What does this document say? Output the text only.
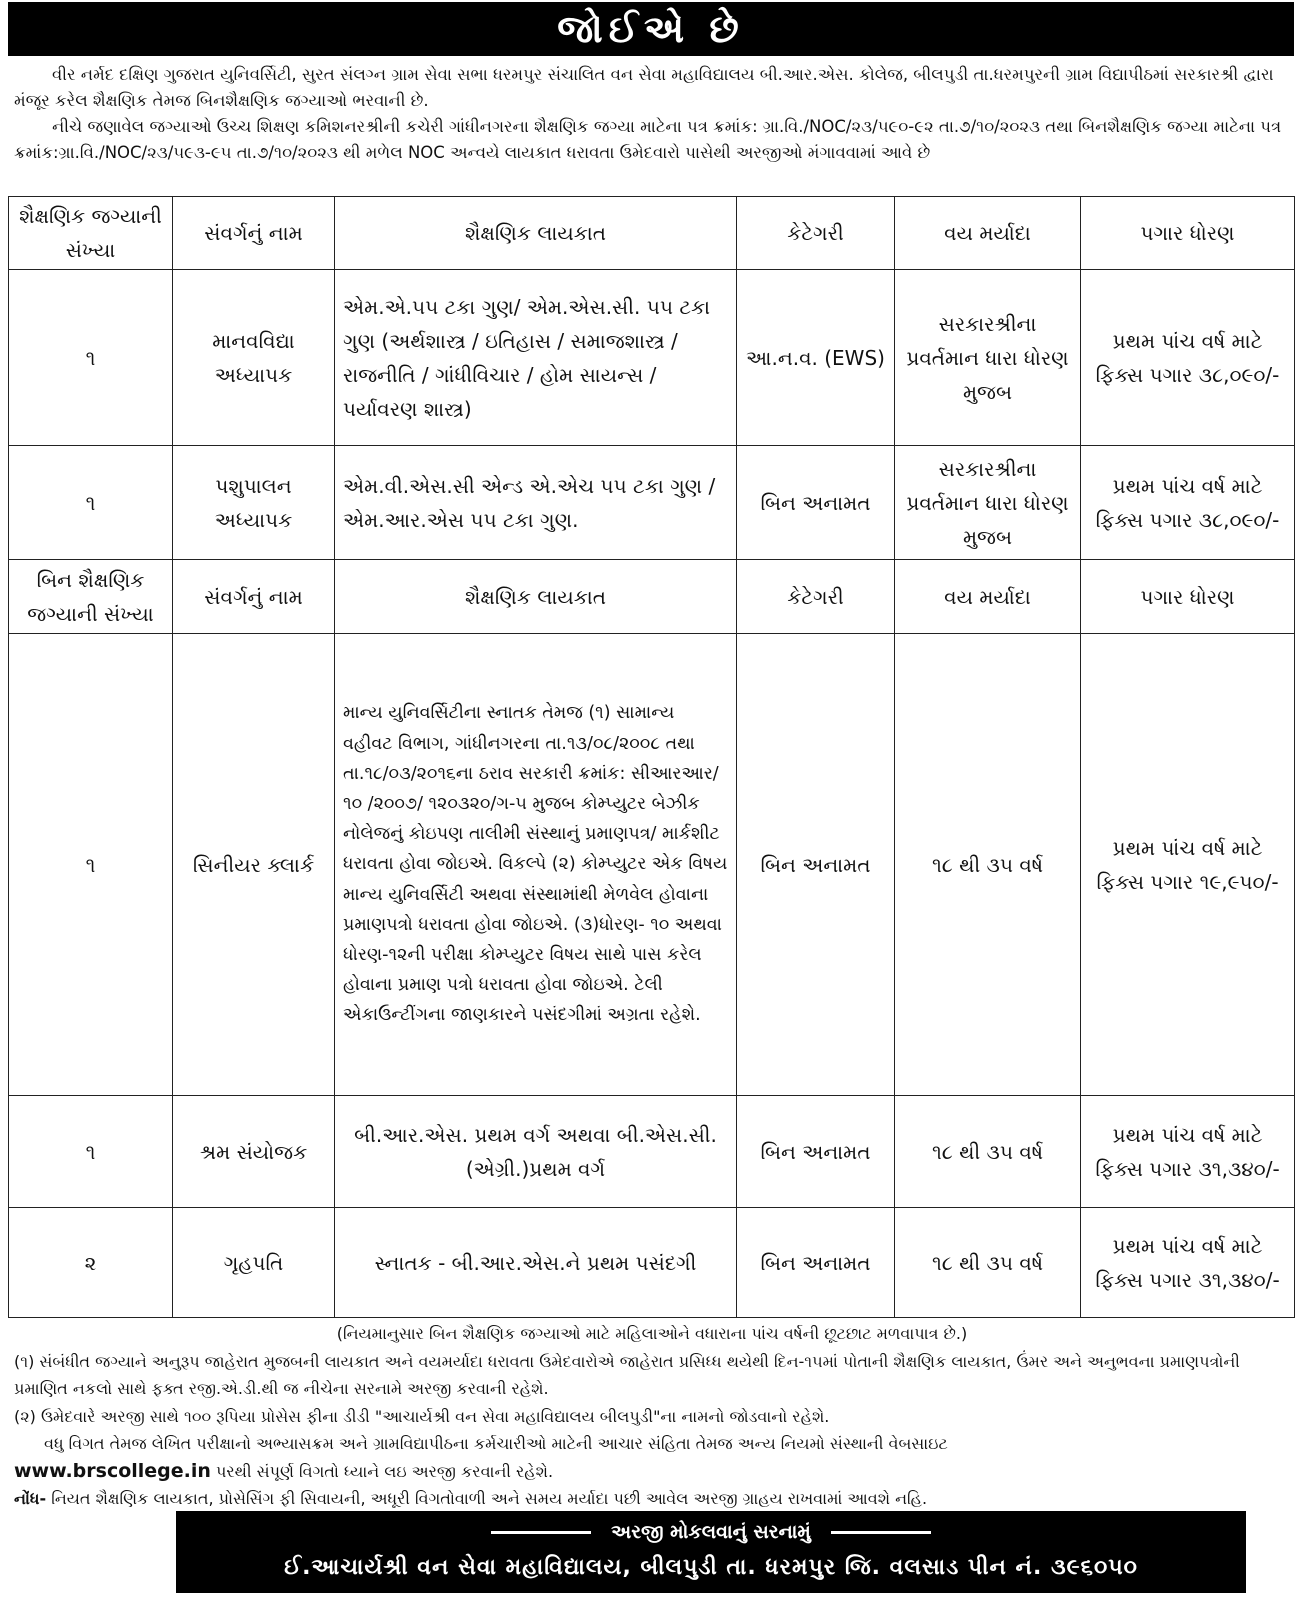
જોઈએ છે

વીર નર્મદ દક્ષિણ ગુજરાત યુનિવર્સિટી, સુરત સંલગ્ન ગ્રામ સેવા સભા ધરમપુર સંચાલિત વન સેવા મહાવિદ્યાલય બી.આર.એસ. કોલેજ, બીલપુડી તા.ધરમપુરની ગ્રામ વિદ્યાપીઠમાં સરકારશ્રી દ્વારા મંજૂર કરેલ શૈક્ષણિક તેમજ બિનશૈક્ષણિક જગ્યાઓ ભરવાની છે.

નીચે જણાવેલ જગ્યાઓ ઉચ્ચ શિક્ષણ કમિશનરશ્રીની કચેરી ગાંધીનગરના શૈક્ષણિક જગ્યા માટેના પત્ર ક્રમાંક: ગ્રા.વિ./NOC/૨૩/૫૯૦-૯૨ તા.૭/૧૦/૨૦૨૩ તથા બિનશૈક્ષણિક જગ્યા માટેના પત્ર ક્રમાંક:ગ્રા.વિ./NOC/૨૩/૫૯૩-૯૫ તા.૭/૧૦/૨૦૨૩ થી મળેલ NOC અન્વયે લાયકાત ધરાવતા ઉમેદવારો પાસેથી અરજીઓ મંગાવવામાં આવે છે

શૈક્ષણિક જગ્યાની સંખ્યા	સંવર્ગનું નામ	શૈક્ષણિક લાયકાત	કેટેગરી	વય મર્યાદા	પગાર ધોરણ
૧	માનવવિદ્યા અધ્યાપક	એમ.એ.૫૫ ટકા ગુણ/ એમ.એસ.સી. ૫૫ ટકા ગુણ (અર્થશાસ્ત્ર / ઇતિહાસ / સમાજશાસ્ત્ર / રાજનીતિ / ગાંધીવિચાર / હોમ સાયન્સ / પર્યાવરણ શાસ્ત્ર)	આ.ન.વ. (EWS)	સરકારશ્રીના પ્રવર્તમાન ધારા ધોરણ મુજબ	પ્રથમ પાંચ વર્ષ માટે ફિક્સ પગાર ૩૮,૦૯૦/-
૧	પશુપાલન અધ્યાપક	એમ.વી.એસ.સી એન્ડ એ.એચ ૫૫ ટકા ગુણ /એમ.આર.એસ ૫૫ ટકા ગુણ.	બિન અનામત	સરકારશ્રીના પ્રવર્તમાન ધારા ધોરણ મુજબ	પ્રથમ પાંચ વર્ષ માટે ફિક્સ પગાર ૩૮,૦૯૦/-
બિન શૈક્ષણિક જગ્યાની સંખ્યા	સંવર્ગનું નામ	શૈક્ષણિક લાયકાત	કેટેગરી	વય મર્યાદા	પગાર ધોરણ
૧	સિનીયર ક્લાર્ક	માન્ય યુનિવર્સિટીના સ્નાતક તેમજ (૧) સામાન્ય વહીવટ વિભાગ, ગાંધીનગરના તા.૧૩/૦૮/૨૦૦૮ તથા તા.૧૮/૦૩/૨૦૧૬ના ઠરાવ સરકારી ક્રમાંક: સીઆરઆર/૧૦ /૨૦૦૭/ ૧૨૦૩૨૦/ગ-૫ મુજબ કોમ્પ્યુટર બેઝીક નોલેજનું કોઇપણ તાલીમી સંસ્થાનું પ્રમાણપત્ર/ માર્કશીટ ધરાવતા હોવા જોઇએ. વિકલ્પે (૨) કોમ્પ્યુટર એક વિષય માન્ય યુનિવર્સિટી અથવા સંસ્થામાંથી મેળવેલ હોવાના પ્રમાણપત્રો ધરાવતા હોવા જોઇએ. (૩)ધોરણ- ૧૦ અથવા ધોરણ-૧૨ની પરીક્ષા કોમ્પ્યુટર વિષય સાથે પાસ કરેલ હોવાના પ્રમાણ પત્રો ધરાવતા હોવા જોઇએ. ટેલી એકાઉન્ટીંગના જાણકારને પસંદગીમાં અગ્રતા રહેશે.	બિન અનામત	૧૮ થી ૩૫ વર્ષ	પ્રથમ પાંચ વર્ષ માટે ફિક્સ પગાર ૧૯,૯૫૦/-
૧	શ્રમ સંયોજક	બી.આર.એસ. પ્રથમ વર્ગ અથવા બી.એસ.સી.(એગ્રી.)પ્રથમ વર્ગ	બિન અનામત	૧૮ થી ૩૫ વર્ષ	પ્રથમ પાંચ વર્ષ માટે ફિક્સ પગાર ૩૧,૩૪૦/-
૨	ગૃહપતિ	સ્નાતક - બી.આર.એસ.ને પ્રથમ પસંદગી	બિન અનામત	૧૮ થી ૩૫ વર્ષ	પ્રથમ પાંચ વર્ષ માટે ફિક્સ પગાર ૩૧,૩૪૦/-
(નિયમાનુસાર બિન શૈક્ષણિક જગ્યાઓ માટે મહિલાઓને વધારાના પાંચ વર્ષની છૂટછાટ મળવાપાત્ર છે.)
(૧) સંબંધીત જગ્યાને અનુરૂપ જાહેરાત મુજબની લાયકાત અને વયમર્યાદા ધરાવતા ઉમેદવારોએ જાહેરાત પ્રસિધ્ધ થયેથી દિન-૧૫માં પોતાની શૈક્ષણિક લાયકાત, ઉંમર અને અનુભવના પ્રમાણપત્રોની પ્રમાણિત નકલો સાથે ફક્ત રજી.એ.ડી.થી જ નીચેના સરનામે અરજી કરવાની રહેશે.
(૨) ઉમેદવારે અરજી સાથે ૧૦૦ રૂપિયા પ્રોસેસ ફીના ડીડી "આચાર્યશ્રી વન સેવા મહાવિદ્યાલય બીલપુડી"ના નામનો જોડવાનો રહેશે.
વધુ વિગત તેમજ લેખિત પરીક્ષાનો અભ્યાસક્રમ અને ગ્રામવિદ્યાપીઠના કર્મચારીઓ માટેની આચાર સંહિતા તેમજ અન્ય નિયમો સંસ્થાની વેબસાઇટ
www.brscollege.in પરથી સંપૂર્ણ વિગતો ધ્યાને લઇ અરજી કરવાની રહેશે.
નોંધ- નિયત શૈક્ષણિક લાયકાત, પ્રોસેસિંગ ફી સિવાયની, અધૂરી વિગતોવાળી અને સમય મર્યાદા પછી આવેલ અરજી ગ્રાહય રાખવામાં આવશે નહિ.
અરજી મોકલવાનું સરનામું
ઈ.આચાર્યશ્રી વન સેવા મહાવિદ્યાલય, બીલપુડી તા. ધરમપુર જિ. વલસાડ પીન નં. ૩૯૬૦૫૦
